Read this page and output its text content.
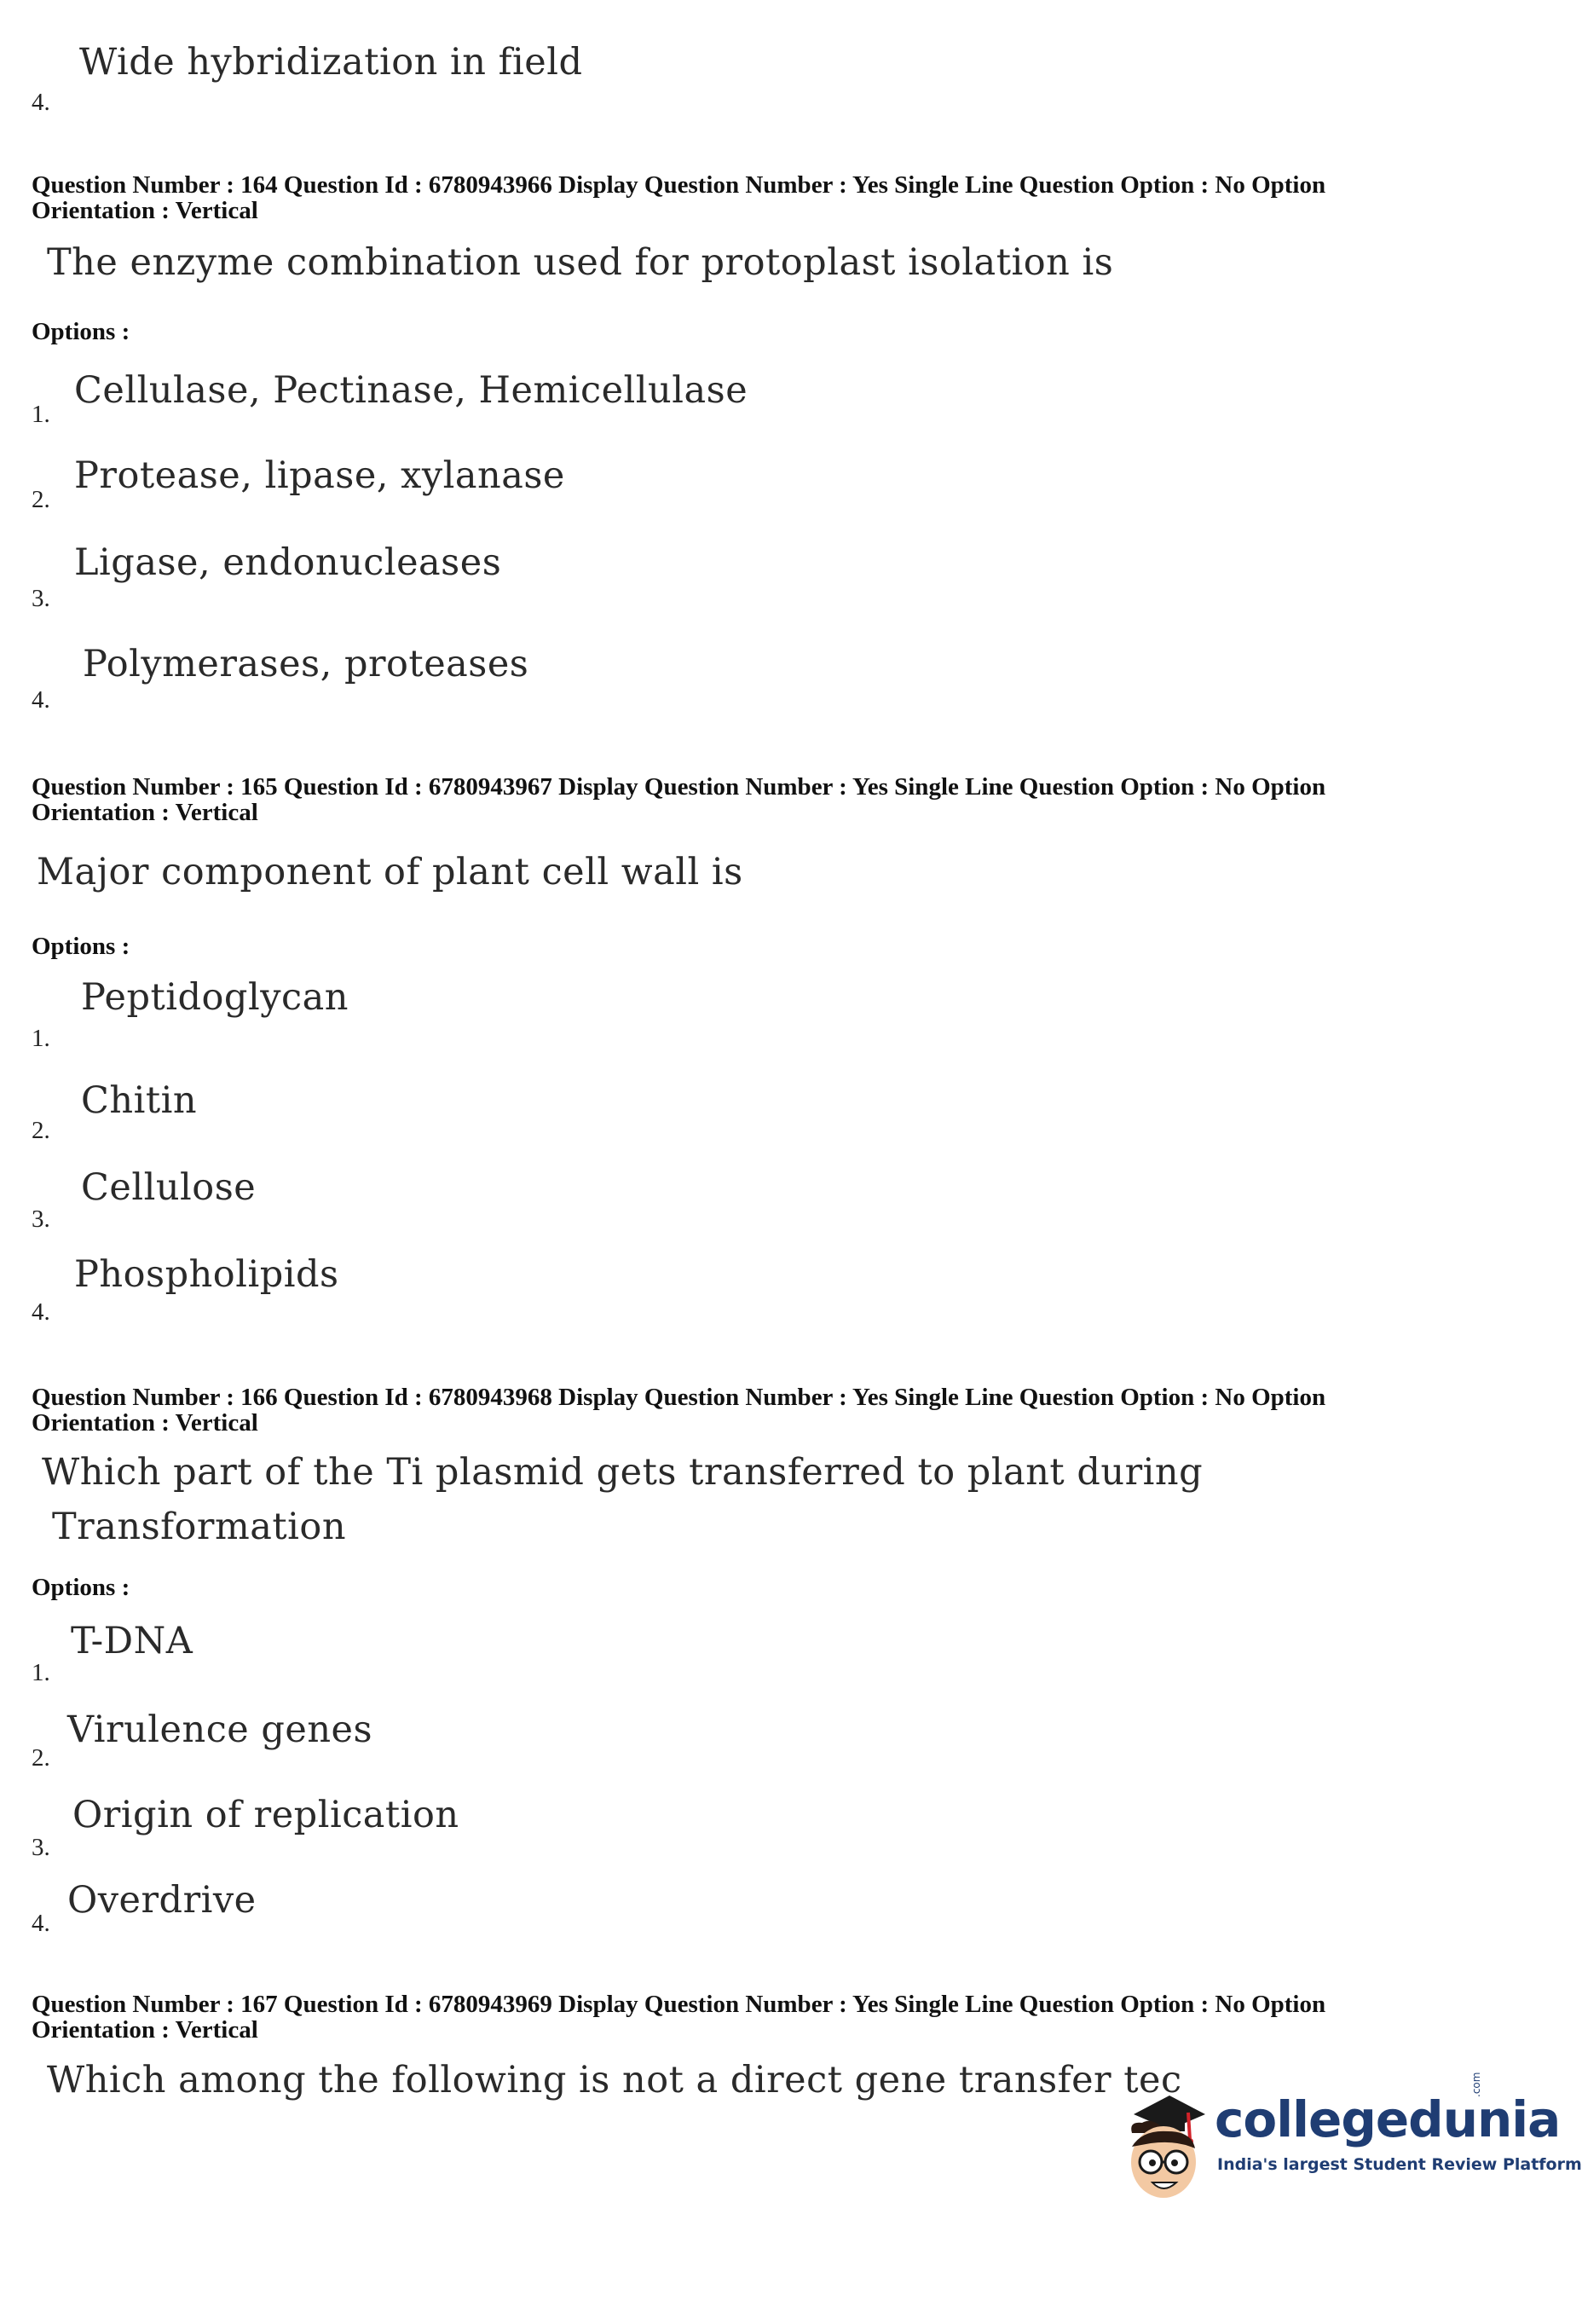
Wide hybridization in field
4.
Question Number : 164 Question Id : 6780943966 Display Question Number : Yes Single Line Question Option : No Option
Orientation : Vertical
The enzyme combination used for protoplast isolation is
Options :
Cellulase, Pectinase, Hemicellulase
1.
Protease, lipase, xylanase
2.
Ligase, endonucleases
3.
Polymerases, proteases
4.
Question Number : 165 Question Id : 6780943967 Display Question Number : Yes Single Line Question Option : No Option
Orientation : Vertical
Major component of plant cell wall is
Options :
Peptidoglycan
1.
Chitin
2.
Cellulose
3.
Phospholipids
4.
Question Number : 166 Question Id : 6780943968 Display Question Number : Yes Single Line Question Option : No Option
Orientation : Vertical
Which part of the Ti plasmid gets transferred to plant during
Transformation
Options :
T-DNA
1.
Virulence genes
2.
Origin of replication
3.
Overdrive
4.
Question Number : 167 Question Id : 6780943969 Display Question Number : Yes Single Line Question Option : No Option
Orientation : Vertical
Which among the following is not a direct gene transfer tec
collegedunia
.com
India's largest Student Review Platform
